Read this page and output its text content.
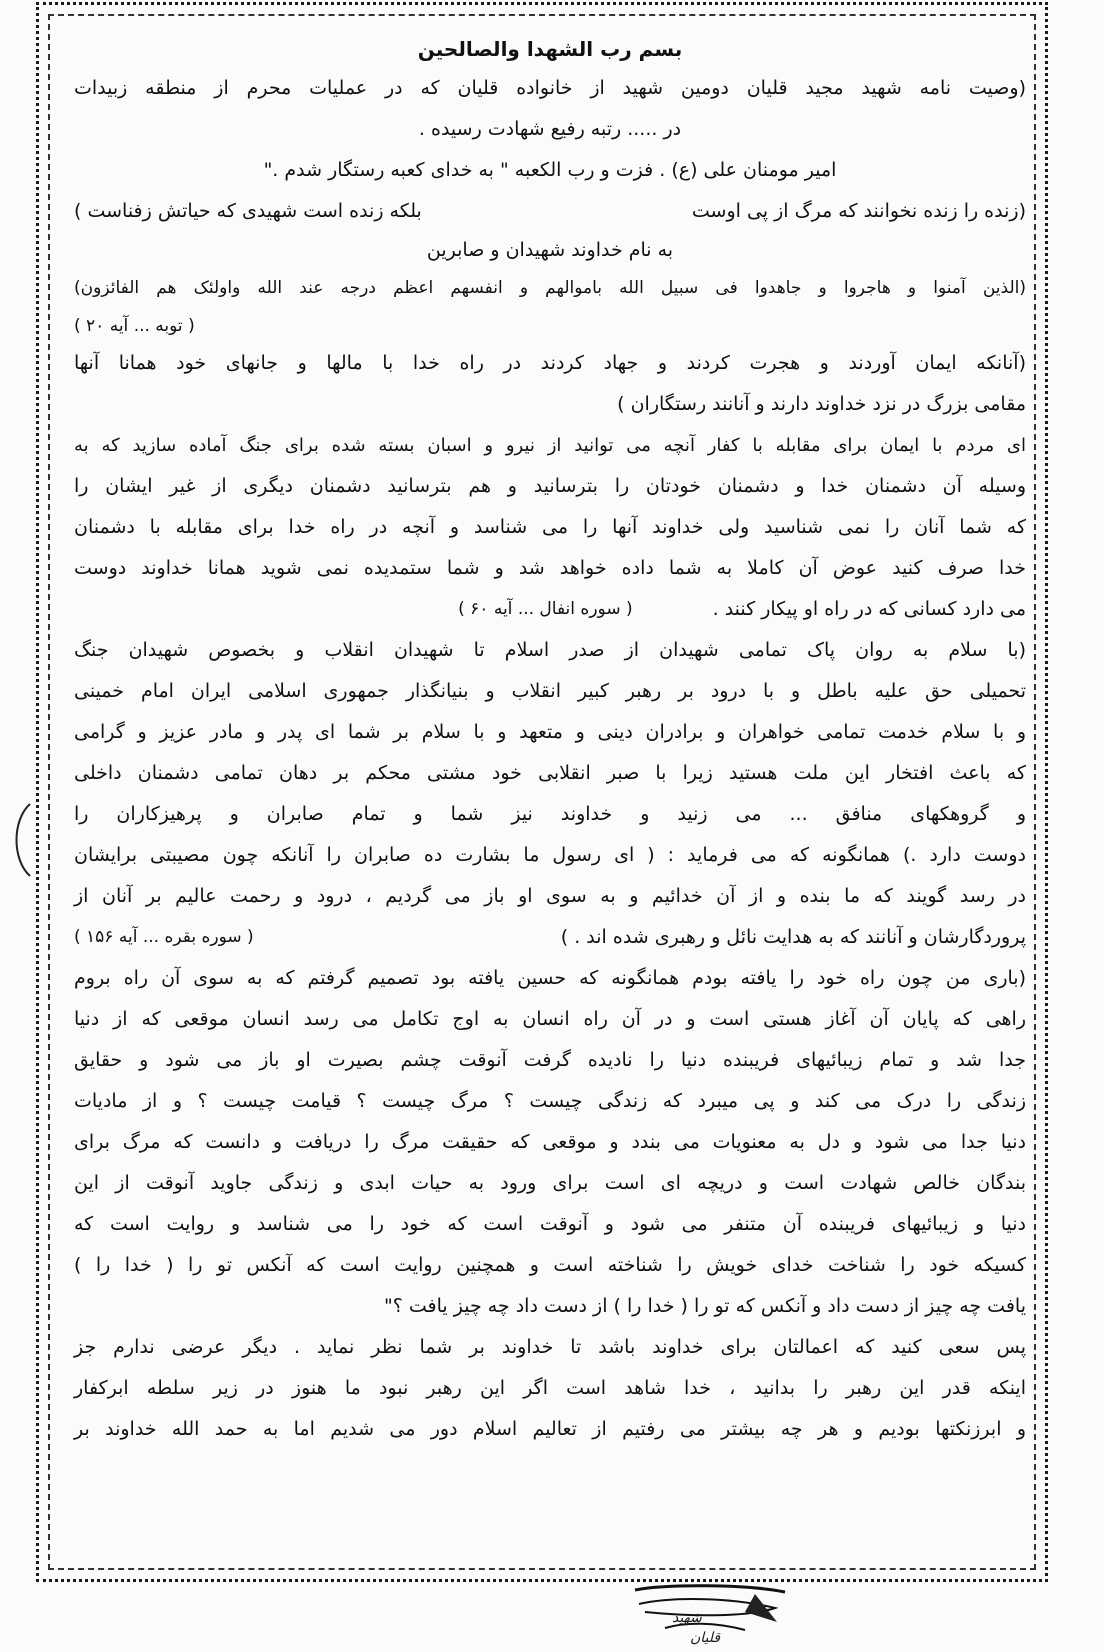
بسم رب الشهدا والصالحین
(وصیت نامه شهید مجید قلیان دومین شهید از خانواده قلیان که در عملیات محرم از منطقه زبیدات
در ..... رتبه رفیع شهادت رسیده .
امیر مومنان علی (ع) . فزت و رب الکعبه " به خدای کعبه رستگار شدم ."
(زنده را زنده نخوانند که مرگ از پی اوست
بلکه زنده است شهیدی که حیاتش زفناست )
به نام خداوند شهیدان و صابرین
(الذین آمنوا و هاجروا و جاهدوا فی سبیل الله باموالهم و انفسهم اعظم درجه عند الله واولئک هم الفائزون)
( توبه ... آیه ۲۰ )
(آنانکه ایمان آوردند و هجرت کردند و جهاد کردند در راه خدا با مالها و جانهای خود همانا آنها
مقامی بزرگ در نزد خداوند دارند و آنانند رستگاران )
ای مردم با ایمان برای مقابله با کفار آنچه می توانید از نیرو و اسبان بسته شده برای جنگ آماده سازید که به
وسیله آن دشمنان خدا و دشمنان خودتان را بترسانید و هم بترسانید دشمنان دیگری از غیر ایشان را
که شما آنان را نمی شناسید ولی خداوند آنها را می شناسد و آنچه در راه خدا برای مقابله با دشمنان
خدا صرف کنید عوض آن کاملا به شما داده خواهد شد و شما ستمدیده نمی شوید همانا خداوند دوست
می دارد کسانی که در راه او پیکار کنند .
( سوره انفال ... آیه ۶۰ )
(با سلام به روان پاک تمامی شهیدان از صدر اسلام تا شهیدان انقلاب و بخصوص شهیدان جنگ
تحمیلی حق علیه باطل و با درود بر رهبر کبیر انقلاب و بنیانگذار جمهوری اسلامی ایران امام خمینی
و با سلام خدمت تمامی خواهران و برادران دینی و متعهد و با سلام بر شما ای پدر و مادر عزیز و گرامی
که باعث افتخار این ملت هستید زیرا با صبر انقلابی خود مشتی محکم بر دهان تمامی دشمنان داخلی
و گروهکهای منافق ... می زنید و خداوند نیز شما و تمام صابران و پرهیزکاران را
دوست دارد .) همانگونه که می فرماید : ( ای رسول ما بشارت ده صابران را آنانکه چون مصیبتی برایشان
در رسد گویند که ما بنده و از آن خدائیم و به سوی او باز می گردیم ، درود و رحمت عالیم بر آنان از
پروردگارشان و آنانند که به هدایت نائل و رهبری شده اند . )
( سوره بقره ... آیه ۱۵۶ )
(باری من چون راه خود را یافته بودم همانگونه که حسین یافته بود تصمیم گرفتم که به سوی آن راه بروم
راهی که پایان آن آغاز هستی است و در آن راه انسان به اوج تکامل می رسد انسان موقعی که از دنیا
جدا شد و تمام زیبائیهای فریبنده دنیا را نادیده گرفت آنوقت چشم بصیرت او باز می شود و حقایق
زندگی را درک می کند و پی میبرد که زندگی چیست ؟ مرگ چیست ؟ قیامت چیست ؟ و از مادیات
دنیا جدا می شود و دل به معنویات می بندد و موقعی که حقیقت مرگ را دریافت و دانست که مرگ برای
بندگان خالص شهادت است و دریچه ای است برای ورود به حیات ابدی و زندگی جاوید آنوقت از این
دنیا و زیبائیهای فریبنده آن متنفر می شود و آنوقت است که خود را می شناسد و روایت است که
کسیکه خود را شناخت خدای خویش را شناخته است و همچنین روایت است که آنکس تو را ( خدا را )
یافت چه چیز از دست داد و آنکس که تو را ( خدا را ) از دست داد چه چیز یافت ؟"
پس سعی کنید که اعمالتان برای خداوند باشد تا خداوند بر شما نظر نماید . دیگر عرضی ندارم جز
اینکه قدر این رهبر را بدانید ، خدا شاهد است اگر این رهبر نبود ما هنوز در زیر سلطه ابرکفار
و ابرزنکتها بودیم و هر چه بیشتر می رفتیم از تعالیم اسلام دور می شدیم اما به حمد الله خداوند بر
شهید
قلیان
